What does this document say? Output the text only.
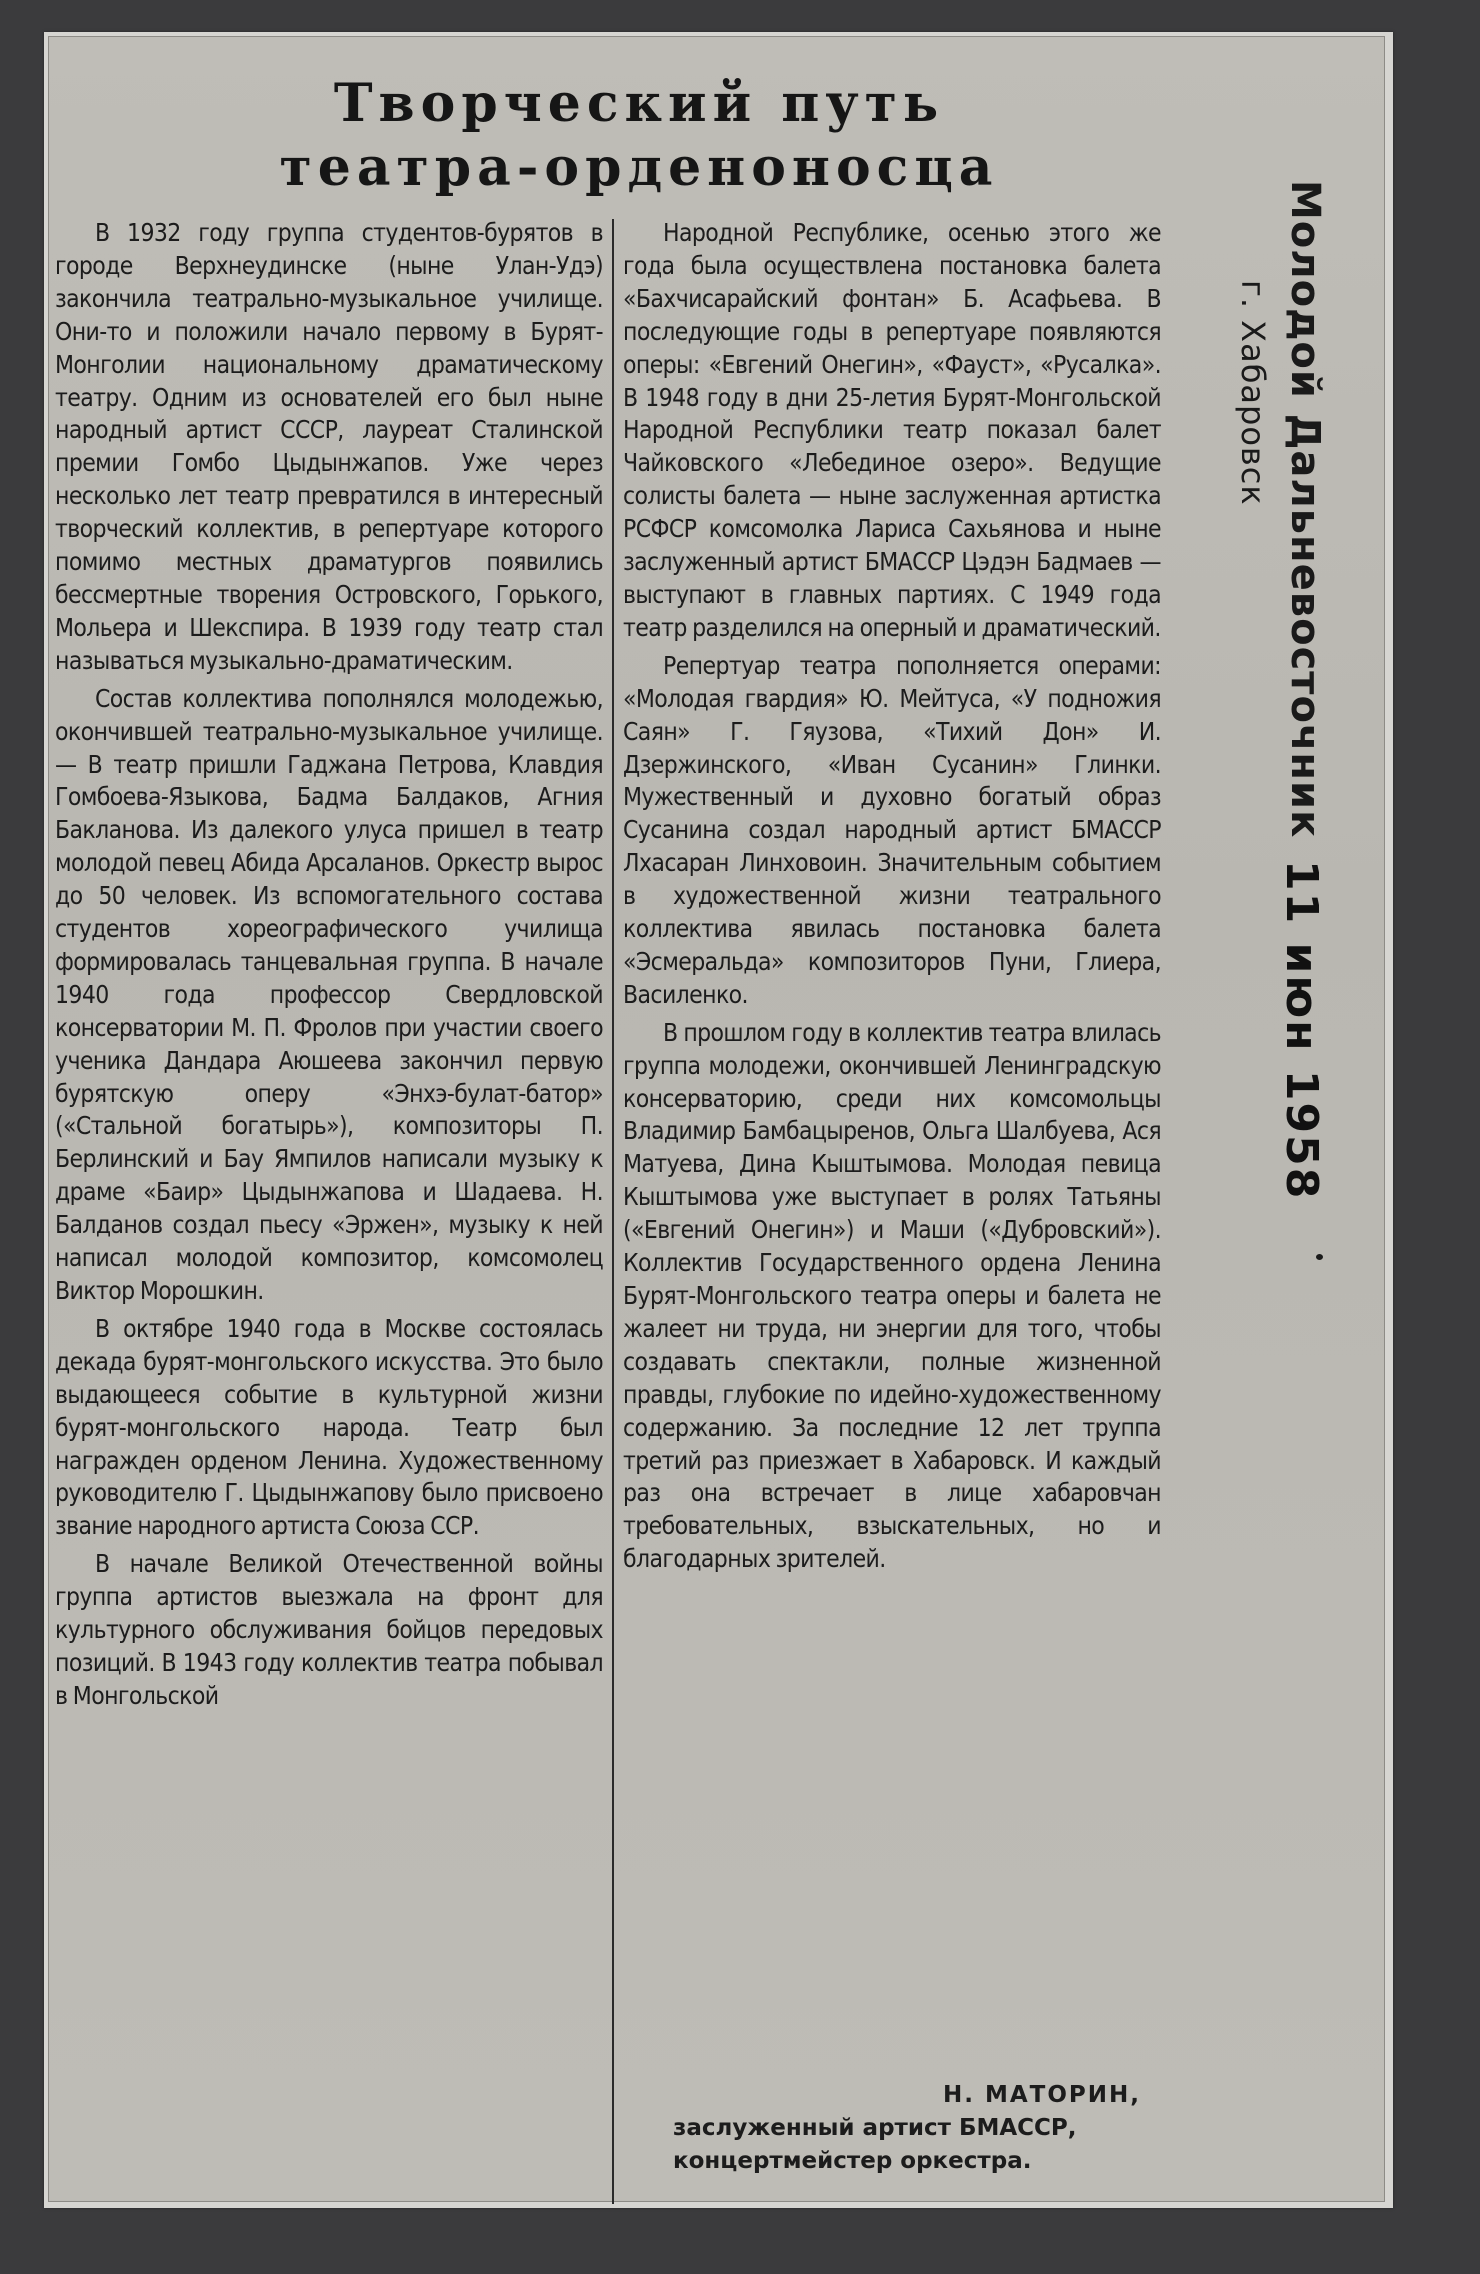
Творческий путь
театра-орденоносца

В 1932 году группа студентов-бурятов в городе Верхнеудинске (ныне Улан-Удэ) закончила театрально-музыкальное училище. Они-то и положили начало первому в Бурят-Монголии национальному драматическому театру. Одним из основателей его был ныне народный артист СССР, лауреат Сталинской премии Гомбо Цыдынжапов. Уже через несколько лет театр превратился в интересный творческий коллектив, в репертуаре которого помимо местных драматургов появились бессмертные творения Островского, Горького, Мольера и Шекспира. В 1939 году театр стал называться музыкально-драматическим.

Состав коллектива пополнялся молодежью, окончившей театрально-музыкальное училище. — В театр пришли Гаджана Петрова, Клавдия Гомбоева-Языкова, Бадма Балдаков, Агния Бакланова. Из далекого улуса пришел в театр молодой певец Абида Арсаланов. Оркестр вырос до 50 человек. Из вспомогательного состава студентов хореографического училища формировалась танцевальная группа. В начале 1940 года профессор Свердловской консерватории М. П. Фролов при участии своего ученика Дандара Аюшеева закончил первую бурятскую оперу «Энхэ-булат-батор» («Стальной богатырь»), композиторы П. Берлинский и Бау Ямпилов написали музыку к драме «Баир» Цыдынжапова и Шадаева. Н. Балданов создал пьесу «Эржен», музыку к ней написал молодой композитор, комсомолец Виктор Морошкин.

В октябре 1940 года в Москве состоялась декада бурят-монгольского искусства. Это было выдающееся событие в культурной жизни бурят-монгольского народа. Театр был награжден орденом Ленина. Художественному руководителю Г. Цыдынжапову было присвоено звание народного артиста Союза ССР.

В начале Великой Отечественной войны группа артистов выезжала на фронт для культурного обслуживания бойцов передовых позиций. В 1943 году коллектив театра побывал в Монгольской

Народной Республике, осенью этого же года была осуществлена постановка балета «Бахчисарайский фонтан» Б. Асафьева. В последующие годы в репертуаре появляются оперы: «Евгений Онегин», «Фауст», «Русалка». В 1948 году в дни 25-летия Бурят-Монгольской Народной Республики театр показал балет Чайковского «Лебединое озеро». Ведущие солисты балета — ныне заслуженная артистка РСФСР комсомолка Лариса Сахьянова и ныне заслуженный артист БМАССР Цэдэн Бадмаев — выступают в главных партиях. С 1949 года театр разделился на оперный и драматический.

Репертуар театра пополняется операми: «Молодая гвардия» Ю. Мейтуса, «У подножия Саян» Г. Гяузова, «Тихий Дон» И. Дзержинского, «Иван Сусанин» Глинки. Мужественный и духовно богатый образ Сусанина создал народный артист БМАССР Лхасаран Линховоин. Значительным событием в художественной жизни театрального коллектива явилась постановка балета «Эсмеральда» композиторов Пуни, Глиера, Василенко.

В прошлом году в коллектив театра влилась группа молодежи, окончившей Ленинградскую консерваторию, среди них комсомольцы Владимир Бамбацыренов, Ольга Шалбуева, Ася Матуева, Дина Кыштымова. Молодая певица Кыштымова уже выступает в ролях Татьяны («Евгений Онегин») и Маши («Дубровский»). Коллектив Государственного ордена Ленина Бурят-Монгольского театра оперы и балета не жалеет ни труда, ни энергии для того, чтобы создавать спектакли, полные жизненной правды, глубокие по идейно-художественному содержанию. За последние 12 лет труппа третий раз приезжает в Хабаровск. И каждый раз она встречает в лице хабаровчан требовательных, взыскательных, но и благодарных зрителей.

Н. МАТОРИН,
заслуженный артист БМАССР,
концертмейстер оркестра.
Молодой Дальневосточник
г. Хабаровск
11 июн 1958
